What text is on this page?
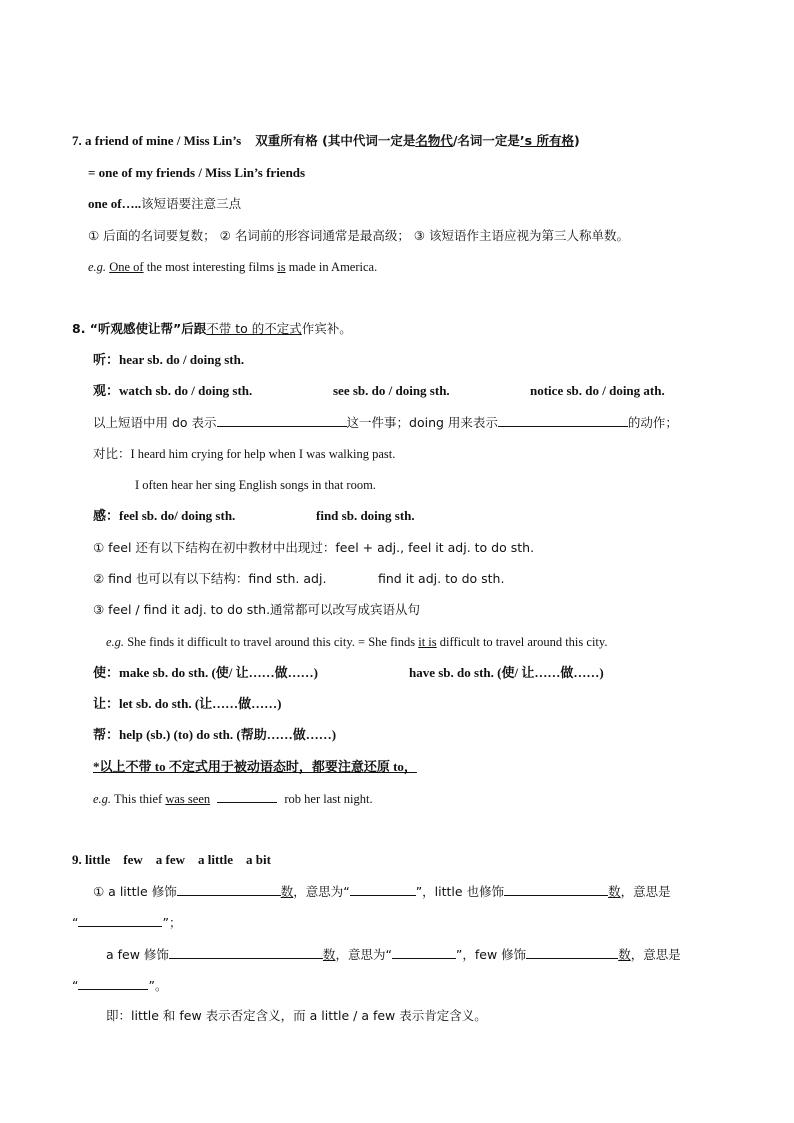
7. a friend of mine / Miss Lin’s 双重所有格 (其中代词一定是名物代/名词一定是’s 所有格)
= one of my friends / Miss Lin’s friends
one of…..该短语要注意三点
① 后面的名词要复数； ② 名词前的形容词通常是最高级； ③ 该短语作主语应视为第三人称单数。
e.g. One of the most interesting films is made in America.
8. “听观感使让帮”后跟不带 to 的不定式作宾补。
听：hear sb. do / doing sth.
观：watch sb. do / doing sth.	see sb. do / doing sth.	notice sb. do / doing ath.
以上短语中用 do 表示	这一件事；doing 用来表示	的动作；
对比：I heard him crying for help when I was walking past.
I often hear her sing English songs in that room.
感：feel sb. do/ doing sth.	find sb. doing sth.
① feel 还有以下结构在初中教材中出现过：feel + adj., feel it adj. to do sth.
② find 也可以有以下结构：find sth. adj.	find it adj. to do sth.
③ feel / find it adj. to do sth.通常都可以改写成宾语从句
e.g. She finds it difficult to travel around this city. = She finds it is difficult to travel around this city.
使：make sb. do sth. (使/ 让……做……)	have sb. do sth. (使/ 让……做……)
让：let sb. do sth. (让……做……)
帮：help (sb.) (to) do sth. (帮助……做……)
*以上不带 to 不定式用于被动语态时，都要注意还原 to，
e.g. This thief was seen	rob her last night.
9. little    few    a few    a little    a bit
① a little 修饰	数，意思为“	”，little 也修饰	数，意思是
“	”；
a few 修饰	数，意思为“	”，few 修饰	数，意思是
“	”。
即：little 和 few 表示否定含义，而 a little / a few 表示肯定含义。
